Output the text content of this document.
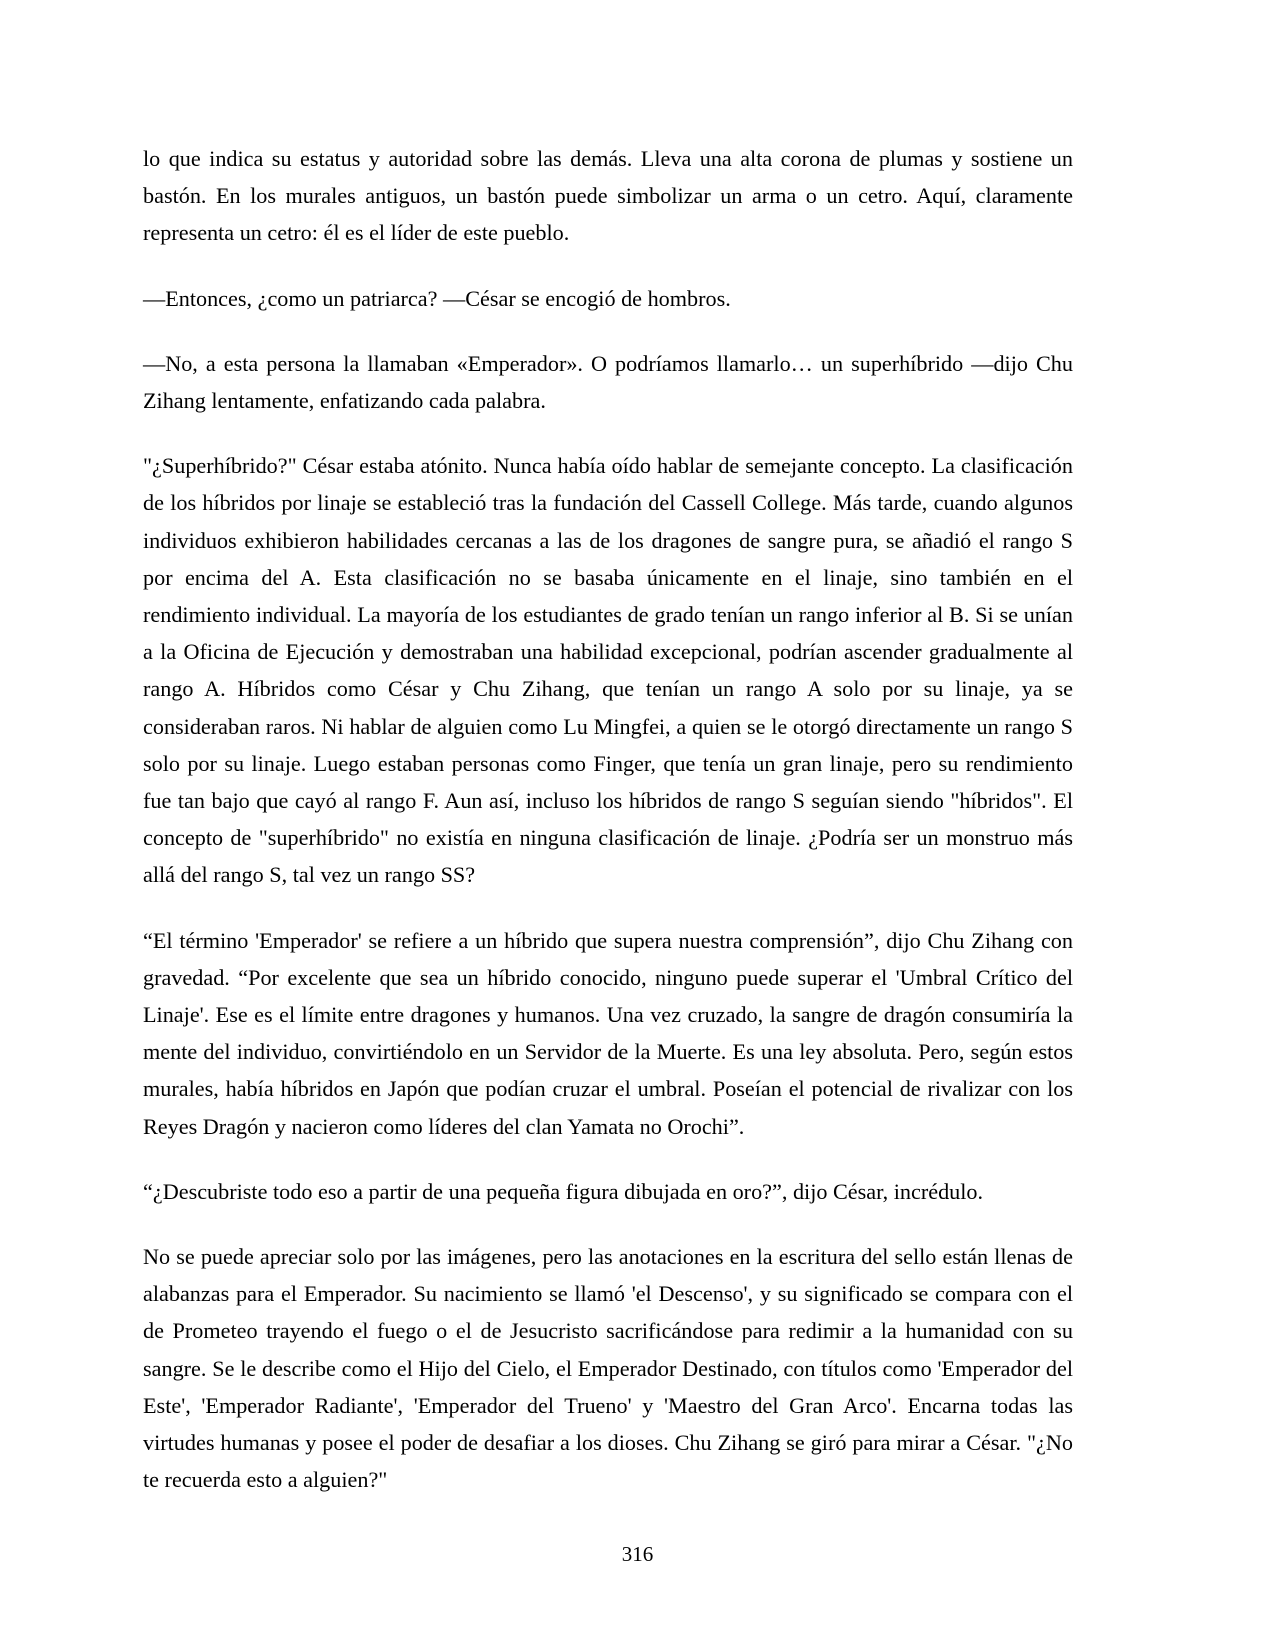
lo que indica su estatus y autoridad sobre las demás. Lleva una alta corona de plumas y sostiene un bastón. En los murales antiguos, un bastón puede simbolizar un arma o un cetro. Aquí, claramente representa un cetro: él es el líder de este pueblo.

—Entonces, ¿como un patriarca? —César se encogió de hombros.

—No, a esta persona la llamaban «Emperador». O podríamos llamarlo… un superhíbrido —dijo Chu Zihang lentamente, enfatizando cada palabra.

"¿Superhíbrido?" César estaba atónito. Nunca había oído hablar de semejante concepto. La clasificación de los híbridos por linaje se estableció tras la fundación del Cassell College. Más tarde, cuando algunos individuos exhibieron habilidades cercanas a las de los dragones de sangre pura, se añadió el rango S por encima del A. Esta clasificación no se basaba únicamente en el linaje, sino también en el rendimiento individual. La mayoría de los estudiantes de grado tenían un rango inferior al B. Si se unían a la Oficina de Ejecución y demostraban una habilidad excepcional, podrían ascender gradualmente al rango A. Híbridos como César y Chu Zihang, que tenían un rango A solo por su linaje, ya se consideraban raros. Ni hablar de alguien como Lu Mingfei, a quien se le otorgó directamente un rango S solo por su linaje. Luego estaban personas como Finger, que tenía un gran linaje, pero su rendimiento fue tan bajo que cayó al rango F. Aun así, incluso los híbridos de rango S seguían siendo "híbridos". El concepto de "superhíbrido" no existía en ninguna clasificación de linaje. ¿Podría ser un monstruo más allá del rango S, tal vez un rango SS?

“El término 'Emperador' se refiere a un híbrido que supera nuestra comprensión”, dijo Chu Zihang con gravedad. “Por excelente que sea un híbrido conocido, ninguno puede superar el 'Umbral Crítico del Linaje'. Ese es el límite entre dragones y humanos. Una vez cruzado, la sangre de dragón consumiría la mente del individuo, convirtiéndolo en un Servidor de la Muerte. Es una ley absoluta. Pero, según estos murales, había híbridos en Japón que podían cruzar el umbral. Poseían el potencial de rivalizar con los Reyes Dragón y nacieron como líderes del clan Yamata no Orochi”.

“¿Descubriste todo eso a partir de una pequeña figura dibujada en oro?”, dijo César, incrédulo.

No se puede apreciar solo por las imágenes, pero las anotaciones en la escritura del sello están llenas de alabanzas para el Emperador. Su nacimiento se llamó 'el Descenso', y su significado se compara con el de Prometeo trayendo el fuego o el de Jesucristo sacrificándose para redimir a la humanidad con su sangre. Se le describe como el Hijo del Cielo, el Emperador Destinado, con títulos como 'Emperador del Este', 'Emperador Radiante', 'Emperador del Trueno' y 'Maestro del Gran Arco'. Encarna todas las virtudes humanas y posee el poder de desafiar a los dioses. Chu Zihang se giró para mirar a César. "¿No te recuerda esto a alguien?"

316
